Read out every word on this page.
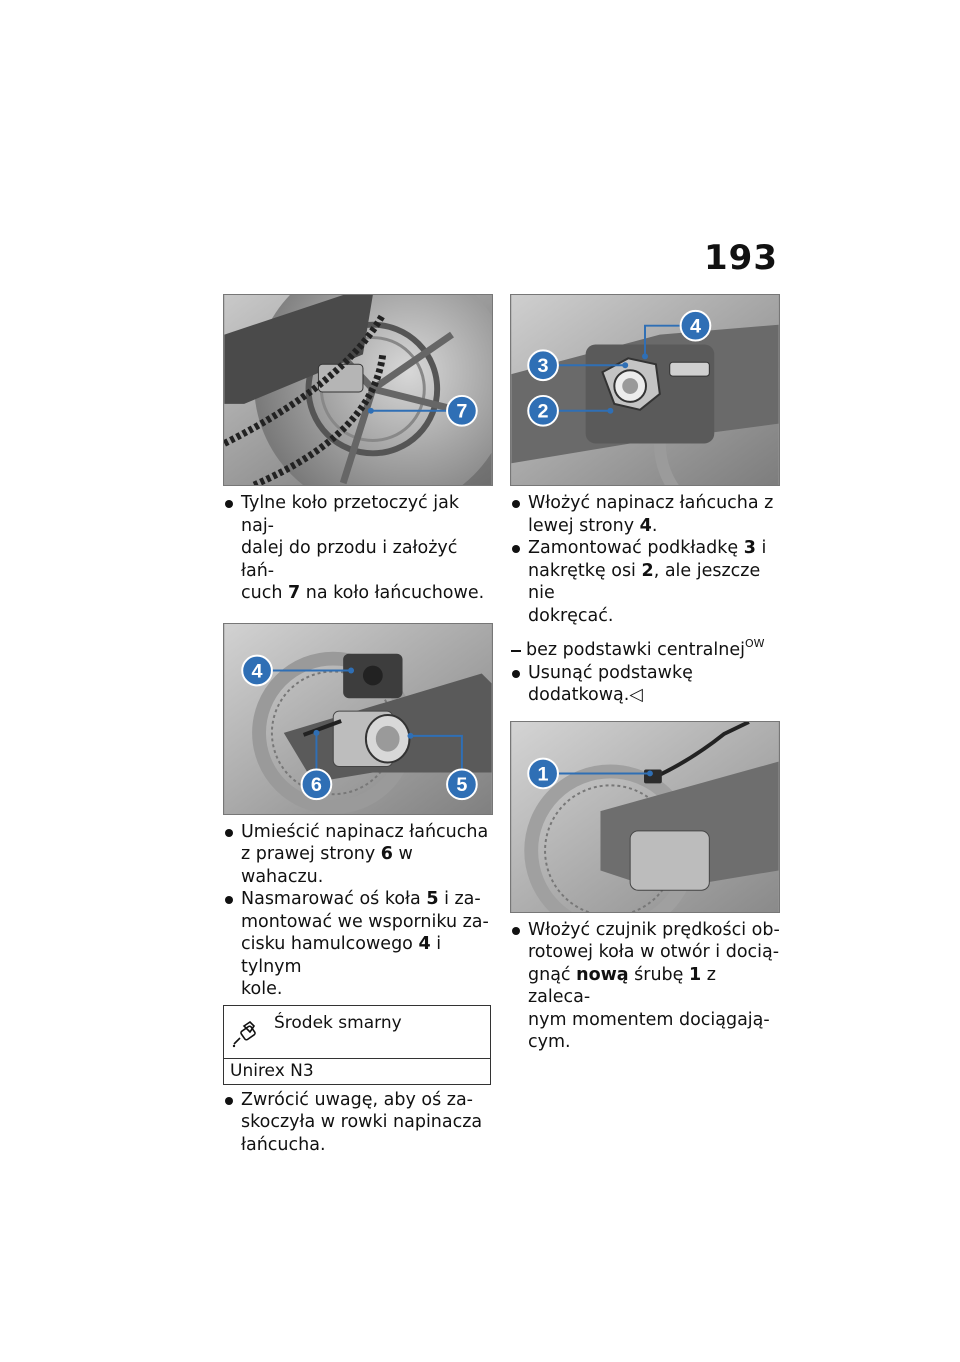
193
7
Tylne koło przetoczyć jak naj-
dalej do przodu i założyć łań-
cuch 7 na koło łańcuchowe.
4
6	5
Umieścić napinacz łańcucha
z prawej strony 6 w wahaczu.
Nasmarować oś koła 5 i za-
montować we wsporniku za-
cisku hamulcowego 4 i tylnym
kole.
Środek smarny
Unirex N3
Zwrócić uwagę, aby oś za-
skoczyła w rowki napinacza
łańcucha.
3
2
4
Włożyć napinacz łańcucha z
lewej strony 4.
Zamontować podkładkę 3 i
nakrętkę osi 2, ale jeszcze nie
dokręcać.
bez podstawki centralnej$^{OW}$
Usunąć podstawkę
dodatkową.◁
1
Włożyć czujnik prędkości ob-
rotowej koła w otwór i docią-
gnąć nową śrubę 1 z zaleca-
nym momentem dociągają-
cym.
